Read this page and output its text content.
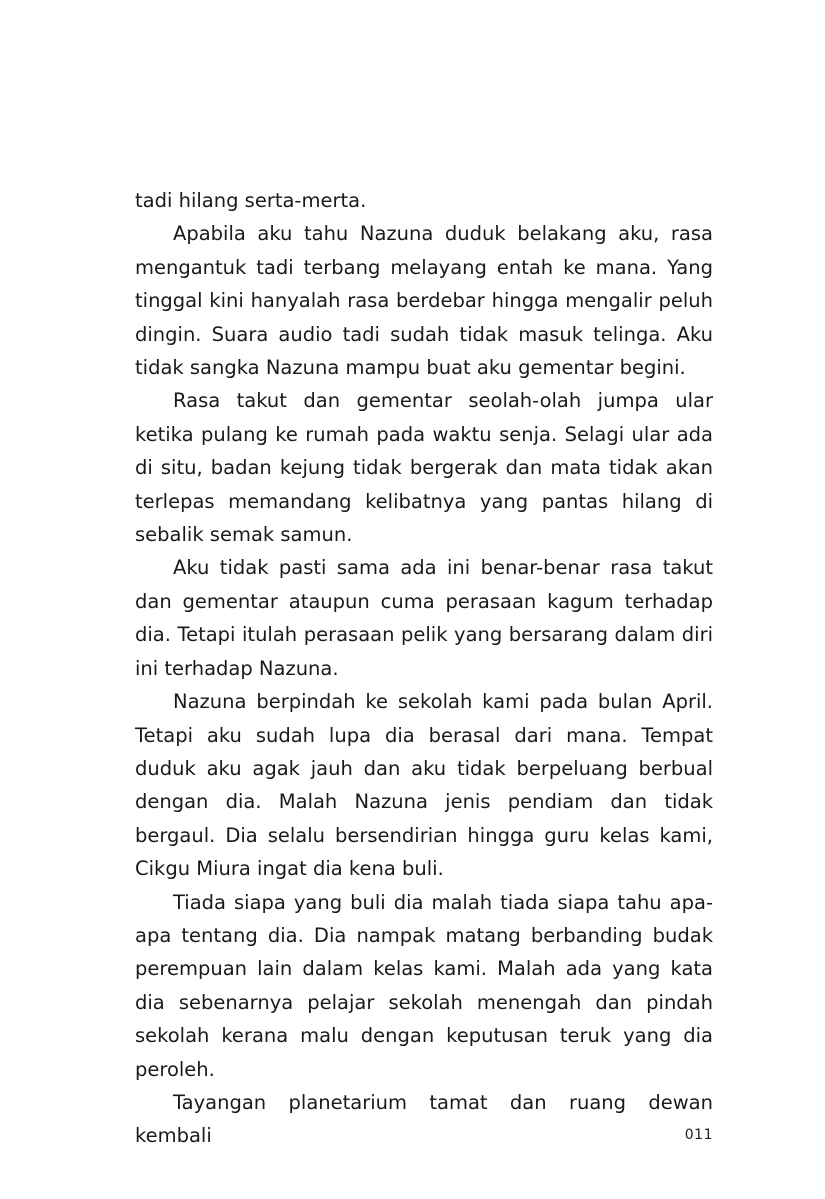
tadi hilang serta-merta.

Apabila aku tahu Nazuna duduk belakang aku, rasa mengantuk tadi terbang melayang entah ke mana. Yang tinggal kini hanyalah rasa berdebar hingga mengalir peluh dingin. Suara audio tadi sudah tidak masuk telinga. Aku tidak sangka Nazuna mampu buat aku gementar begini.

Rasa takut dan gementar seolah-olah jumpa ular ketika pulang ke rumah pada waktu senja. Selagi ular ada di situ, badan kejung tidak bergerak dan mata tidak akan terlepas memandang kelibatnya yang pantas hilang di sebalik semak samun.

Aku tidak pasti sama ada ini benar-benar rasa takut dan gementar ataupun cuma perasaan kagum terhadap dia. Tetapi itulah perasaan pelik yang bersarang dalam diri ini terhadap Nazuna.

Nazuna berpindah ke sekolah kami pada bulan April. Tetapi aku sudah lupa dia berasal dari mana. Tempat duduk aku agak jauh dan aku tidak berpeluang berbual dengan dia. Malah Nazuna jenis pendiam dan tidak bergaul. Dia selalu bersendirian hingga guru kelas kami, Cikgu Miura ingat dia kena buli.

Tiada siapa yang buli dia malah tiada siapa tahu apa-apa tentang dia. Dia nampak matang berbanding budak perempuan lain dalam kelas kami. Malah ada yang kata dia sebenarnya pelajar sekolah menengah dan pindah sekolah kerana malu dengan keputusan teruk yang dia peroleh.

Tayangan planetarium tamat dan ruang dewan kembali	011
